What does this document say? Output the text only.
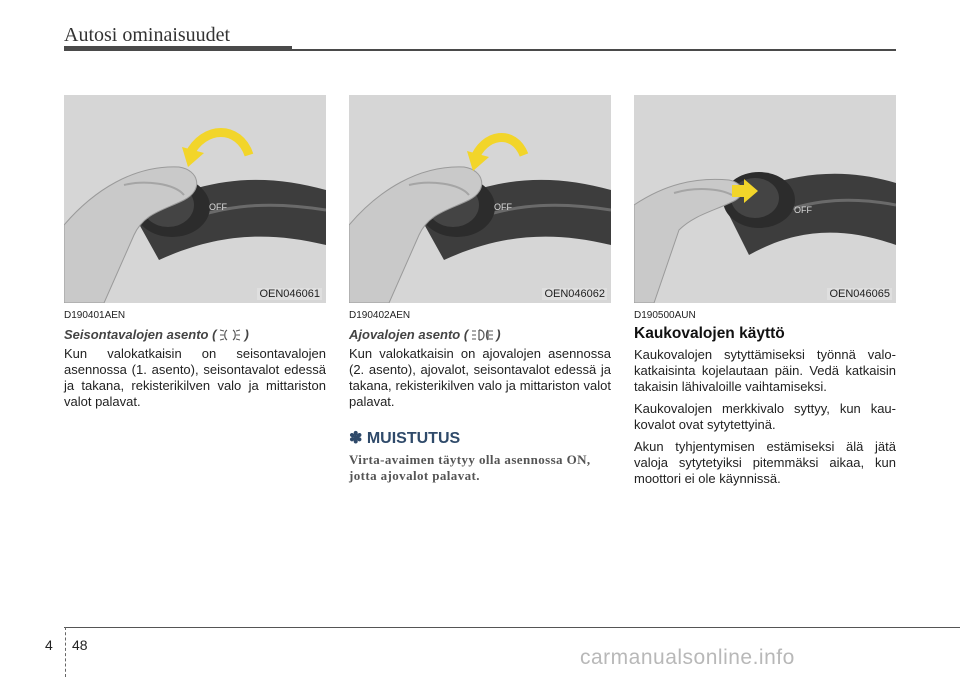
Autosi ominaisuudet
OFF
OEN046061

D190401AEN

Seisontavalojen asento ( )

Kun valokatkaisin on seisontavalojen asennossa (1. asento), seisontavalot edessä ja takana, rekisterikilven valo ja mittariston valot palavat.

OFF
OEN046062

D190402AEN

Ajovalojen asento ( )

Kun valokatkaisin on ajovalojen asennossa (2. asento), ajovalot, seisontavalot edessä ja takana, rekisterikilven valo ja mittariston valot palavat.

✽ MUISTUTUS

Virta-avaimen täytyy olla asennossa ON, jotta ajovalot palavat.

OFF
OEN046065

D190500AUN

Kaukovalojen käyttö

Kaukovalojen sytyttämiseksi työnnä valokatkaisinta kojelautaan päin. Vedä katkaisin takaisin lähivaloille vaihtamiseksi.

Kaukovalojen merkkivalo syttyy, kun kaukovalot ovat sytytettyinä.

Akun tyhjentymisen estämiseksi älä jätä valoja sytytetyiksi pitemmäksi aikaa, kun moottori ei ole käynnissä.

4 48
carmanualsonline.info
